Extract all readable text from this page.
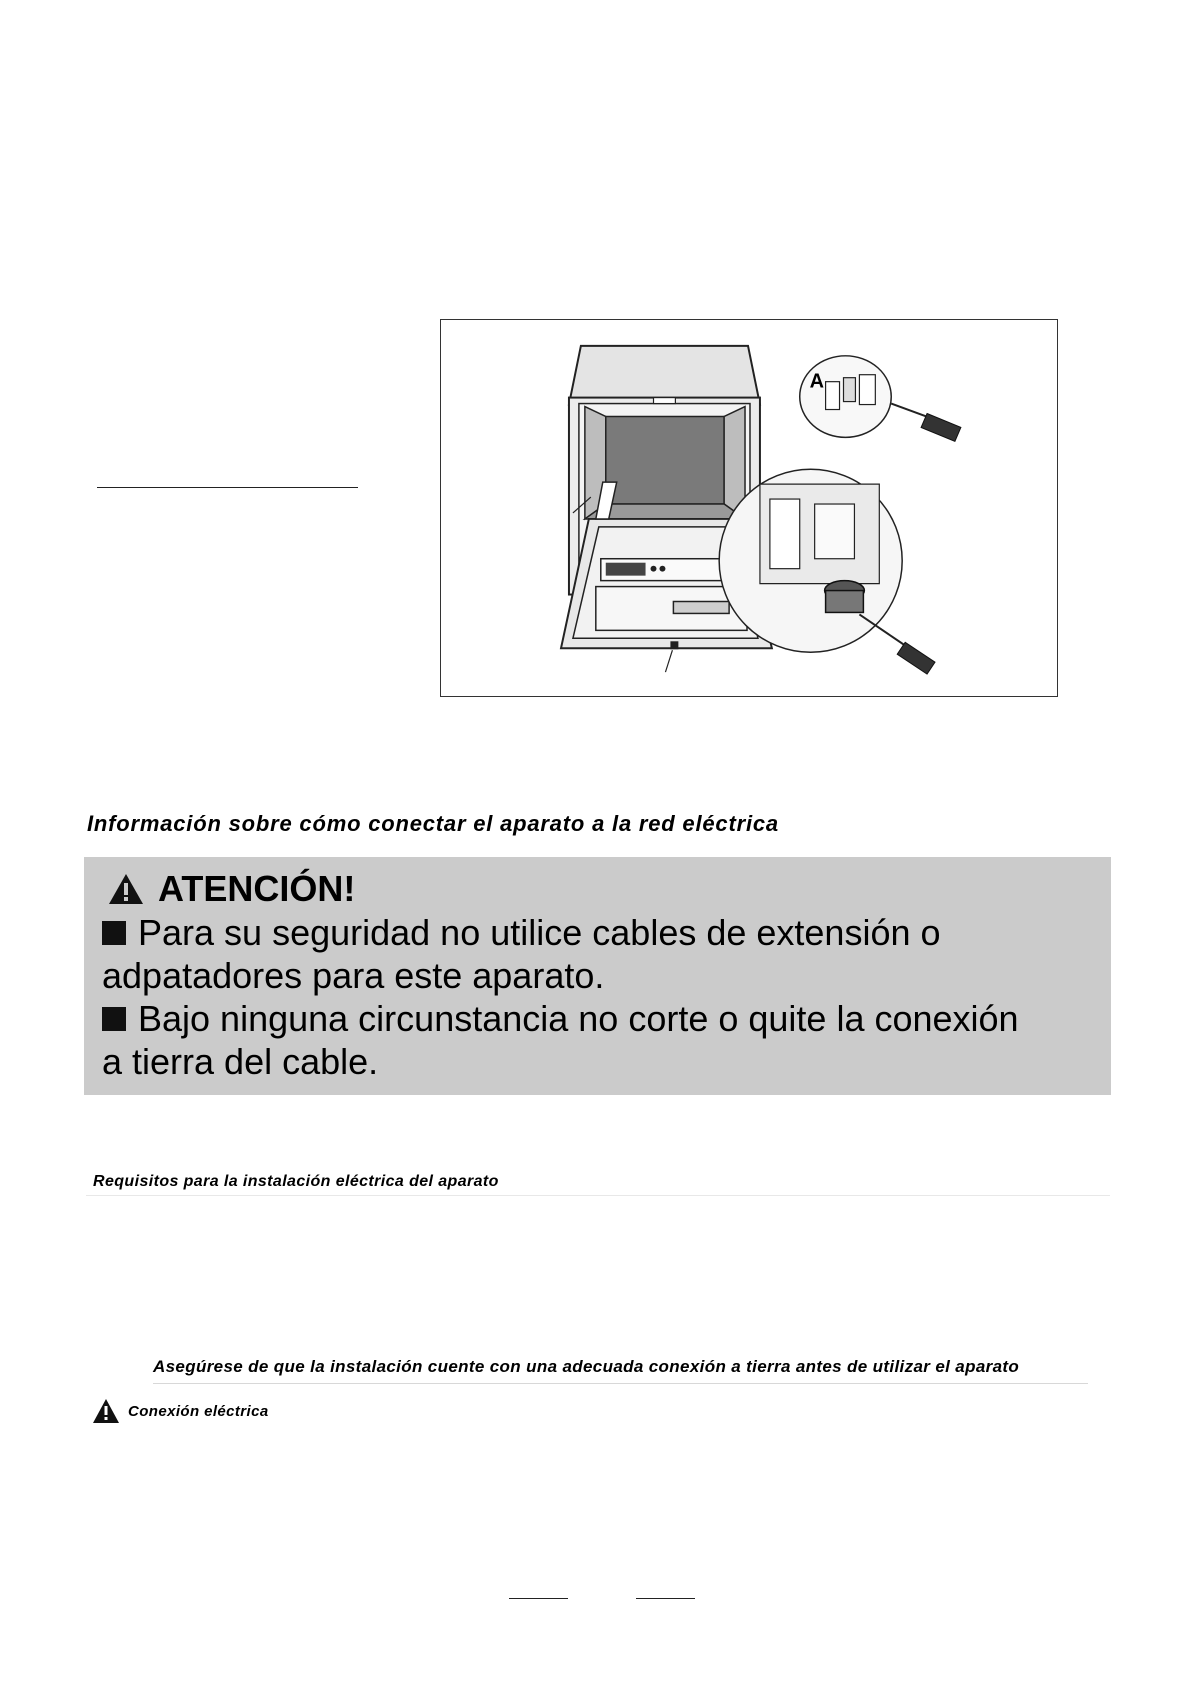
A
Información sobre cómo conectar el aparato a la red eléctrica
ATENCIÓN!
Para su seguridad no utilice cables de extensión o
adpatadores para este aparato.
Bajo ninguna circunstancia no corte o quite la conexión
a tierra del cable.
Requisitos para la instalación eléctrica del aparato
Asegúrese de que la instalación cuente con una adecuada conexión a tierra antes de utilizar el aparato
Conexión eléctrica
